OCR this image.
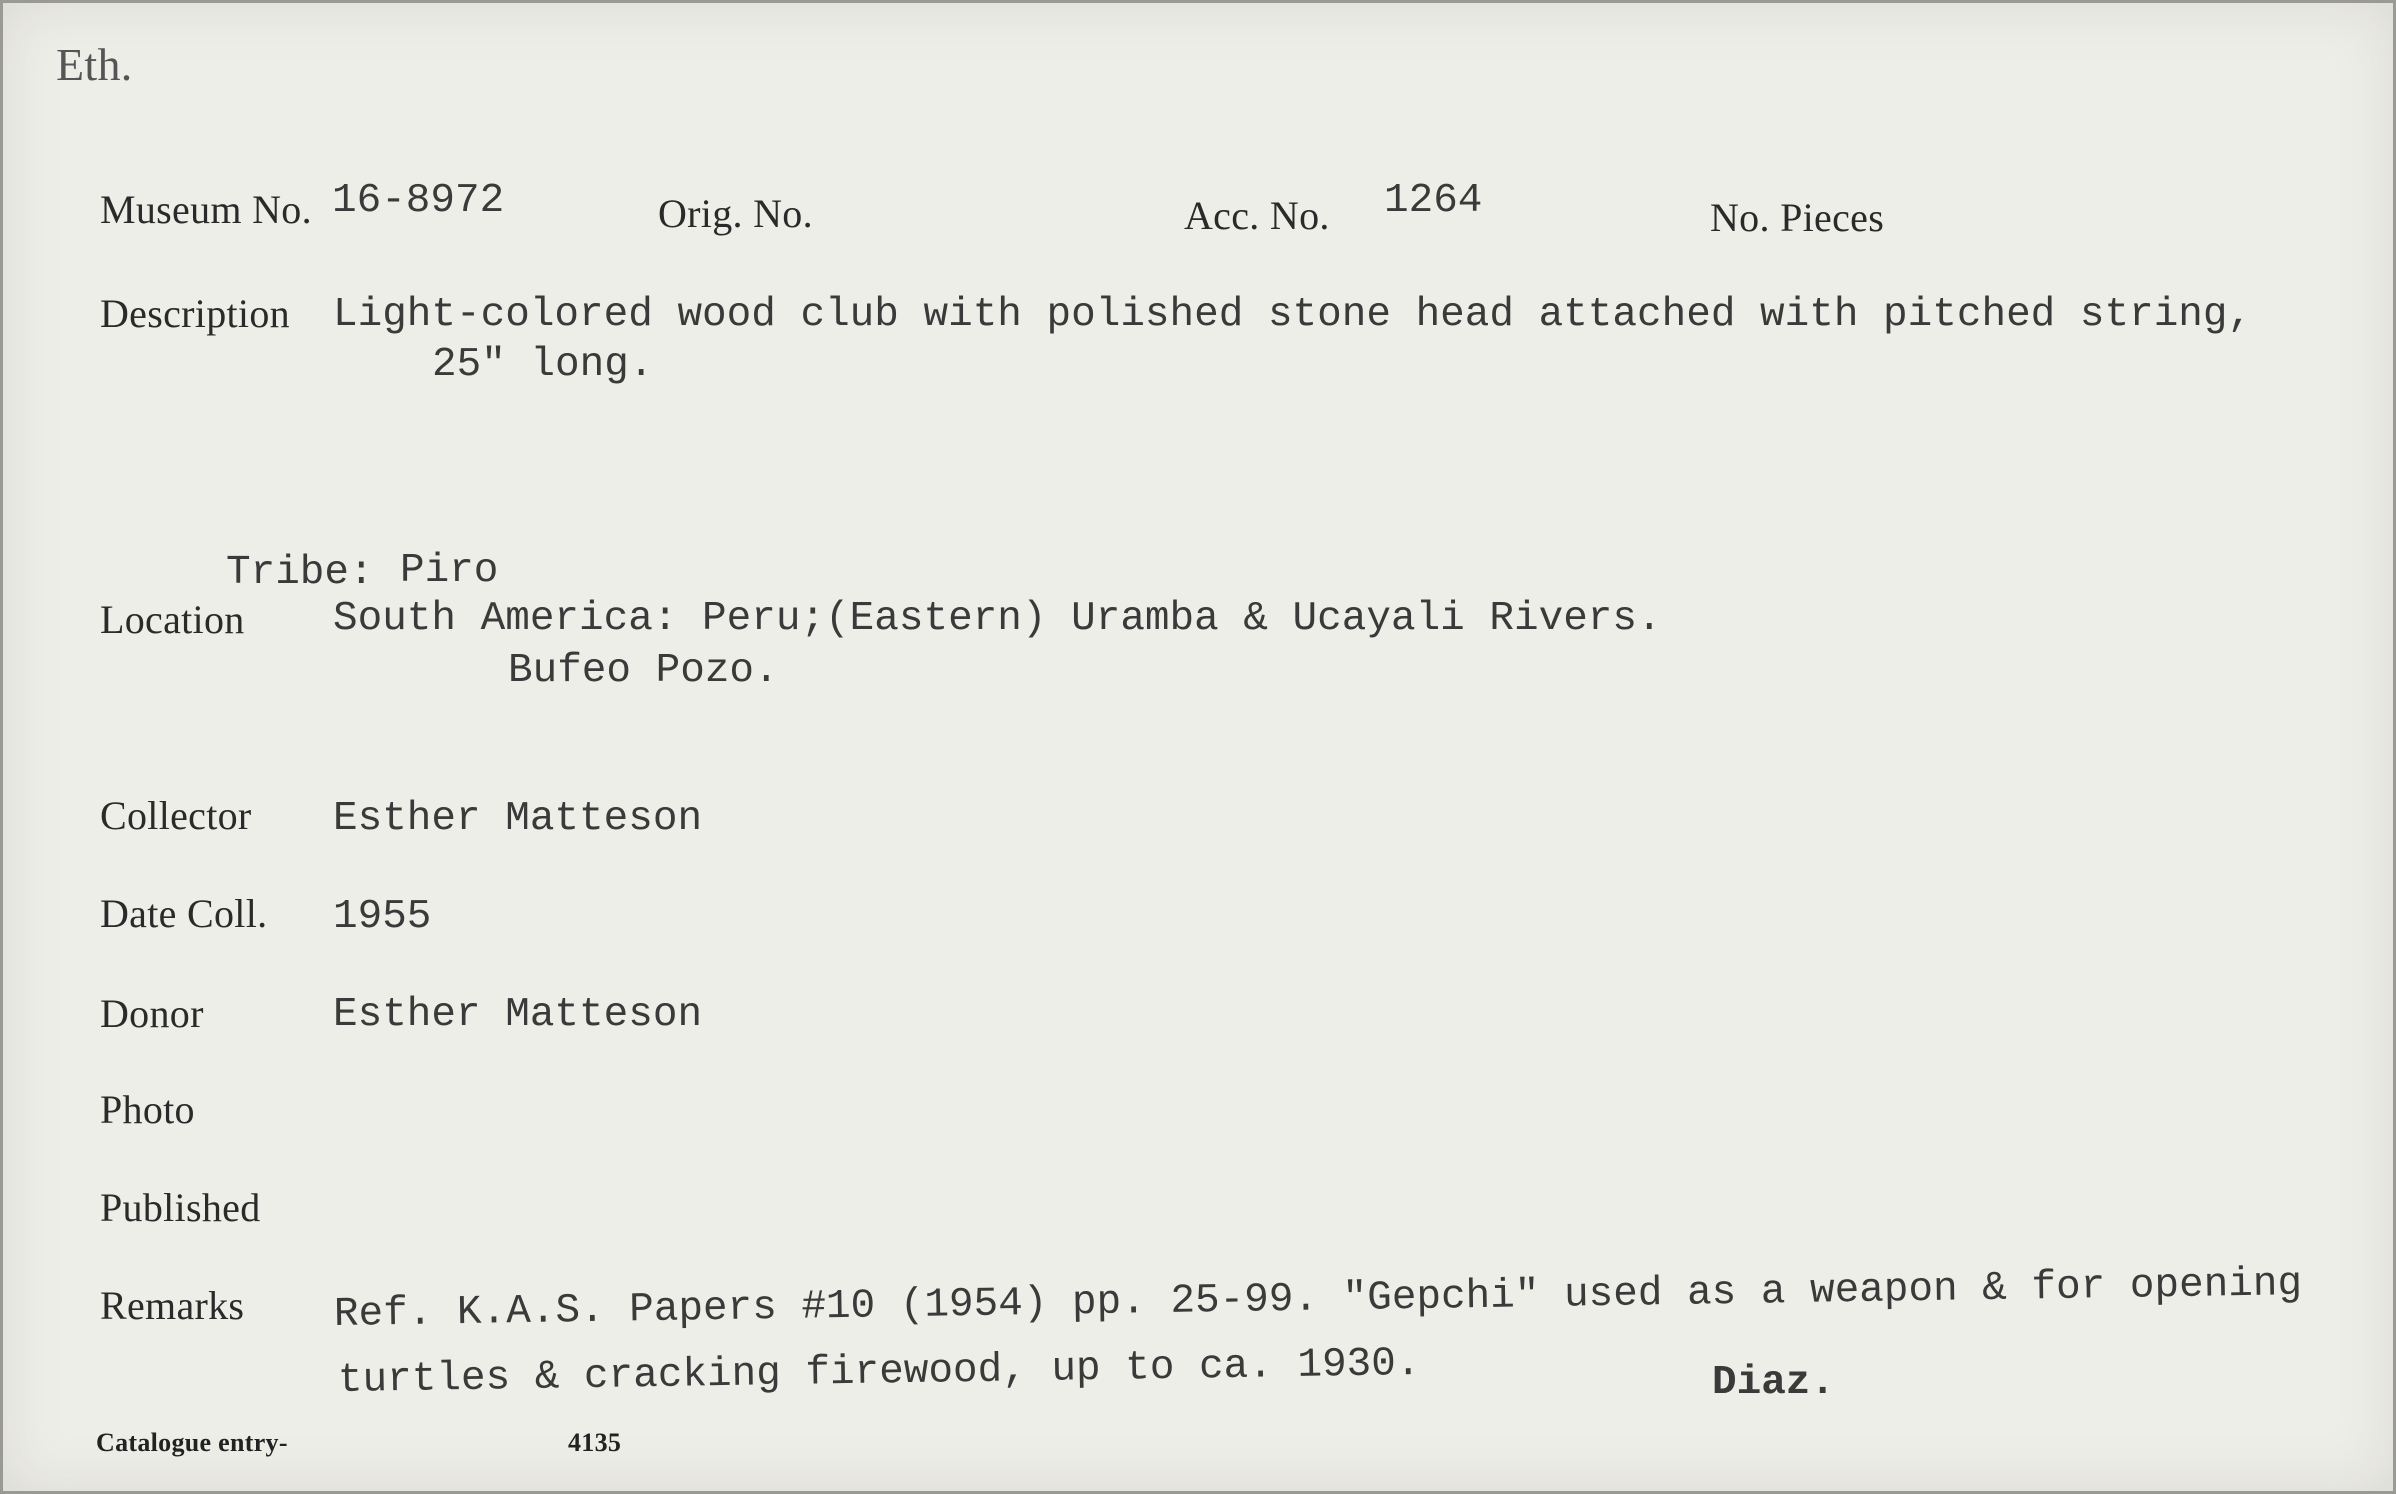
Eth.
Museum No. 16-8972	Orig. No.	Acc. No. 1264	No. Pieces
Description Light-colored wood club with polished stone head attached with pitched string,
25" long.
Tribe: Piro
Location South America: Peru;(Eastern) Uramba & Ucayali Rivers.

Bufeo Pozo.
Collector Esther Matteson
Date Coll. 1955
Donor	Esther Matteson
Photo
Published
Remarks Ref. K.A.S. Papers #10 (1954) pp. 25-99. "Gepchi" used as a weapon & for opening
turtles & cracking firewood, up to ca. 1930.	Diaz.
Catalogue entry-	4135
